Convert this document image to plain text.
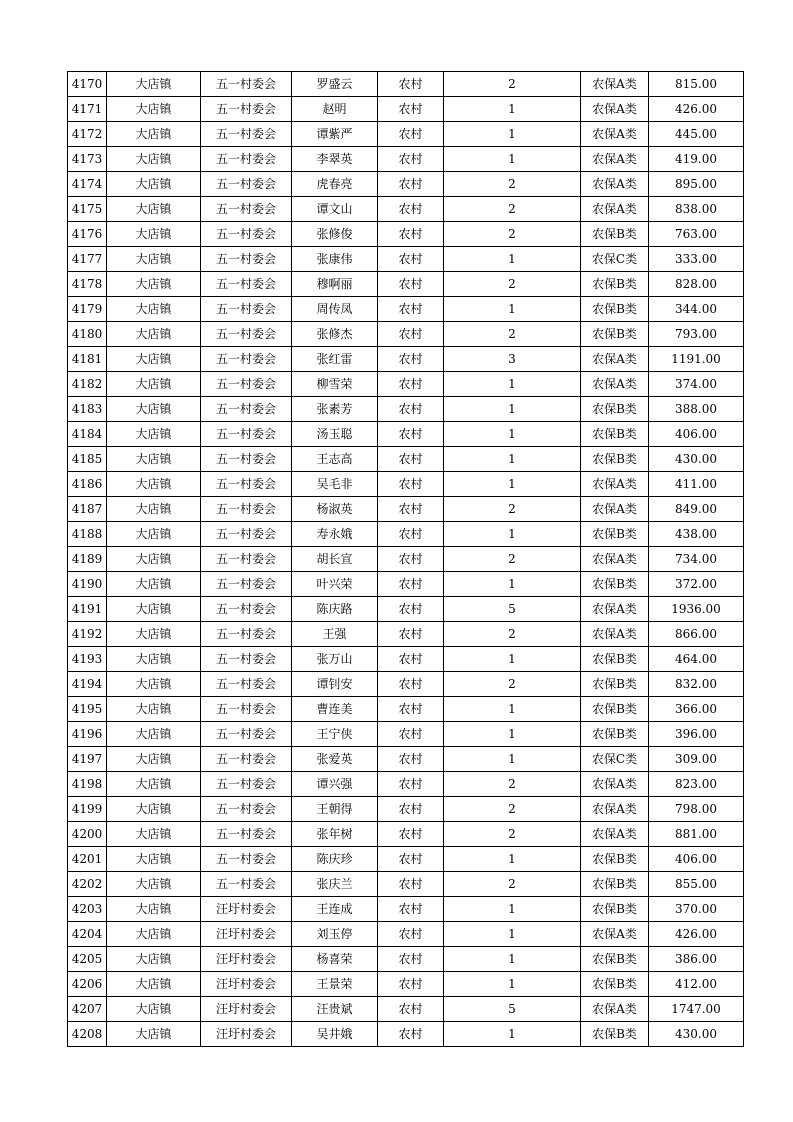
4170	大店镇	五一村委会	罗盛云	农村	2	农保A类	815.00
4171	大店镇	五一村委会	赵明	农村	1	农保A类	426.00
4172	大店镇	五一村委会	谭紫严	农村	1	农保A类	445.00
4173	大店镇	五一村委会	李翠英	农村	1	农保A类	419.00
4174	大店镇	五一村委会	虎春亮	农村	2	农保A类	895.00
4175	大店镇	五一村委会	谭文山	农村	2	农保A类	838.00
4176	大店镇	五一村委会	张修俊	农村	2	农保B类	763.00
4177	大店镇	五一村委会	张康伟	农村	1	农保C类	333.00
4178	大店镇	五一村委会	穆啊丽	农村	2	农保B类	828.00
4179	大店镇	五一村委会	周传凤	农村	1	农保B类	344.00
4180	大店镇	五一村委会	张修杰	农村	2	农保B类	793.00
4181	大店镇	五一村委会	张红雷	农村	3	农保A类	1191.00
4182	大店镇	五一村委会	柳雪荣	农村	1	农保A类	374.00
4183	大店镇	五一村委会	张素芳	农村	1	农保B类	388.00
4184	大店镇	五一村委会	汤玉聪	农村	1	农保B类	406.00
4185	大店镇	五一村委会	王志高	农村	1	农保B类	430.00
4186	大店镇	五一村委会	吴毛非	农村	1	农保A类	411.00
4187	大店镇	五一村委会	杨淑英	农村	2	农保A类	849.00
4188	大店镇	五一村委会	寿永娥	农村	1	农保B类	438.00
4189	大店镇	五一村委会	胡长宣	农村	2	农保A类	734.00
4190	大店镇	五一村委会	叶兴荣	农村	1	农保B类	372.00
4191	大店镇	五一村委会	陈庆路	农村	5	农保A类	1936.00
4192	大店镇	五一村委会	王强	农村	2	农保A类	866.00
4193	大店镇	五一村委会	张万山	农村	1	农保B类	464.00
4194	大店镇	五一村委会	谭钊安	农村	2	农保B类	832.00
4195	大店镇	五一村委会	曹连美	农村	1	农保B类	366.00
4196	大店镇	五一村委会	王宁侠	农村	1	农保B类	396.00
4197	大店镇	五一村委会	张爱英	农村	1	农保C类	309.00
4198	大店镇	五一村委会	谭兴强	农村	2	农保A类	823.00
4199	大店镇	五一村委会	王朝得	农村	2	农保A类	798.00
4200	大店镇	五一村委会	张年树	农村	2	农保A类	881.00
4201	大店镇	五一村委会	陈庆珍	农村	1	农保B类	406.00
4202	大店镇	五一村委会	张庆兰	农村	2	农保B类	855.00
4203	大店镇	汪圩村委会	王连成	农村	1	农保B类	370.00
4204	大店镇	汪圩村委会	刘玉停	农村	1	农保A类	426.00
4205	大店镇	汪圩村委会	杨喜荣	农村	1	农保B类	386.00
4206	大店镇	汪圩村委会	王景荣	农村	1	农保B类	412.00
4207	大店镇	汪圩村委会	汪贵斌	农村	5	农保A类	1747.00
4208	大店镇	汪圩村委会	吴井娥	农村	1	农保B类	430.00
